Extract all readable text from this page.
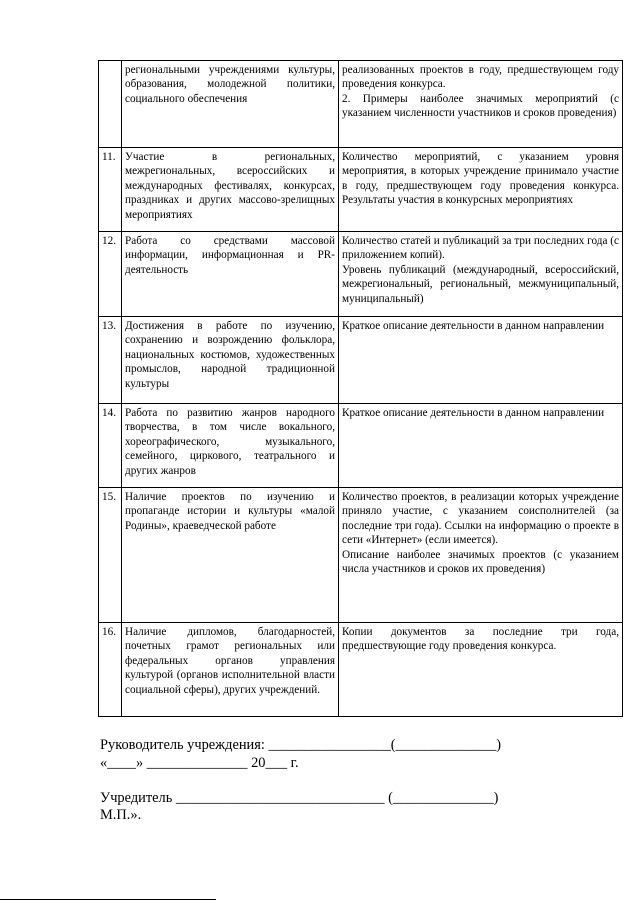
	региональными учреждениями культуры, образования, молодежной политики, социального обеспечения	реализованных проектов в году, предшествующем году проведения конкурса.
2. Примеры наиболее значимых мероприятий (с указанием численности участников и сроков проведения)

11.	Участие в региональных, межрегиональных, всероссийских и международных фестивалях, конкурсах, праздниках и других массово-зрелищных мероприятиях	Количество мероприятий, с указанием уровня мероприятия, в которых учреждение принимало участие в году, предшествующем году проведения конкурса. Результаты участия в конкурсных мероприятиях

12.	Работа со средствами массовой информации, информационная и PR-деятельность	Количество статей и публикаций за три последних года (с приложением копий).
Уровень публикаций (международный, всероссийский, межрегиональный, региональный, межмуниципальный, муниципальный)

13.	Достижения в работе по изучению, сохранению и возрождению фольклора, национальных костюмов, художественных промыслов, народной традиционной культуры	Краткое описание деятельности в данном направлении

14.	Работа по развитию жанров народного творчества, в том числе вокального, хореографического, музыкального, семейного, циркового, театрального и других жанров	Краткое описание деятельности в данном направлении

15.	Наличие проектов по изучению и пропаганде истории и культуры «малой Родины», краеведческой работе	Количество проектов, в реализации которых учреждение приняло участие, с указанием соисполнителей (за последние три года). Ссылки на информацию о проекте в сети «Интернет» (если имеется).
Описание наиболее значимых проектов (с указанием числа участников и сроков их проведения)

16.	Наличие дипломов, благодарностей, почетных грамот региональных или федеральных органов управления культурой (органов исполнительной власти социальной сферы), других учреждений.	Копии документов за последние три года, предшествующие году проведения конкурса.
Руководитель учреждения: _________________(______________)
«____» ______________ 20___ г.
Учредитель _____________________________ (______________)
М.П.».
